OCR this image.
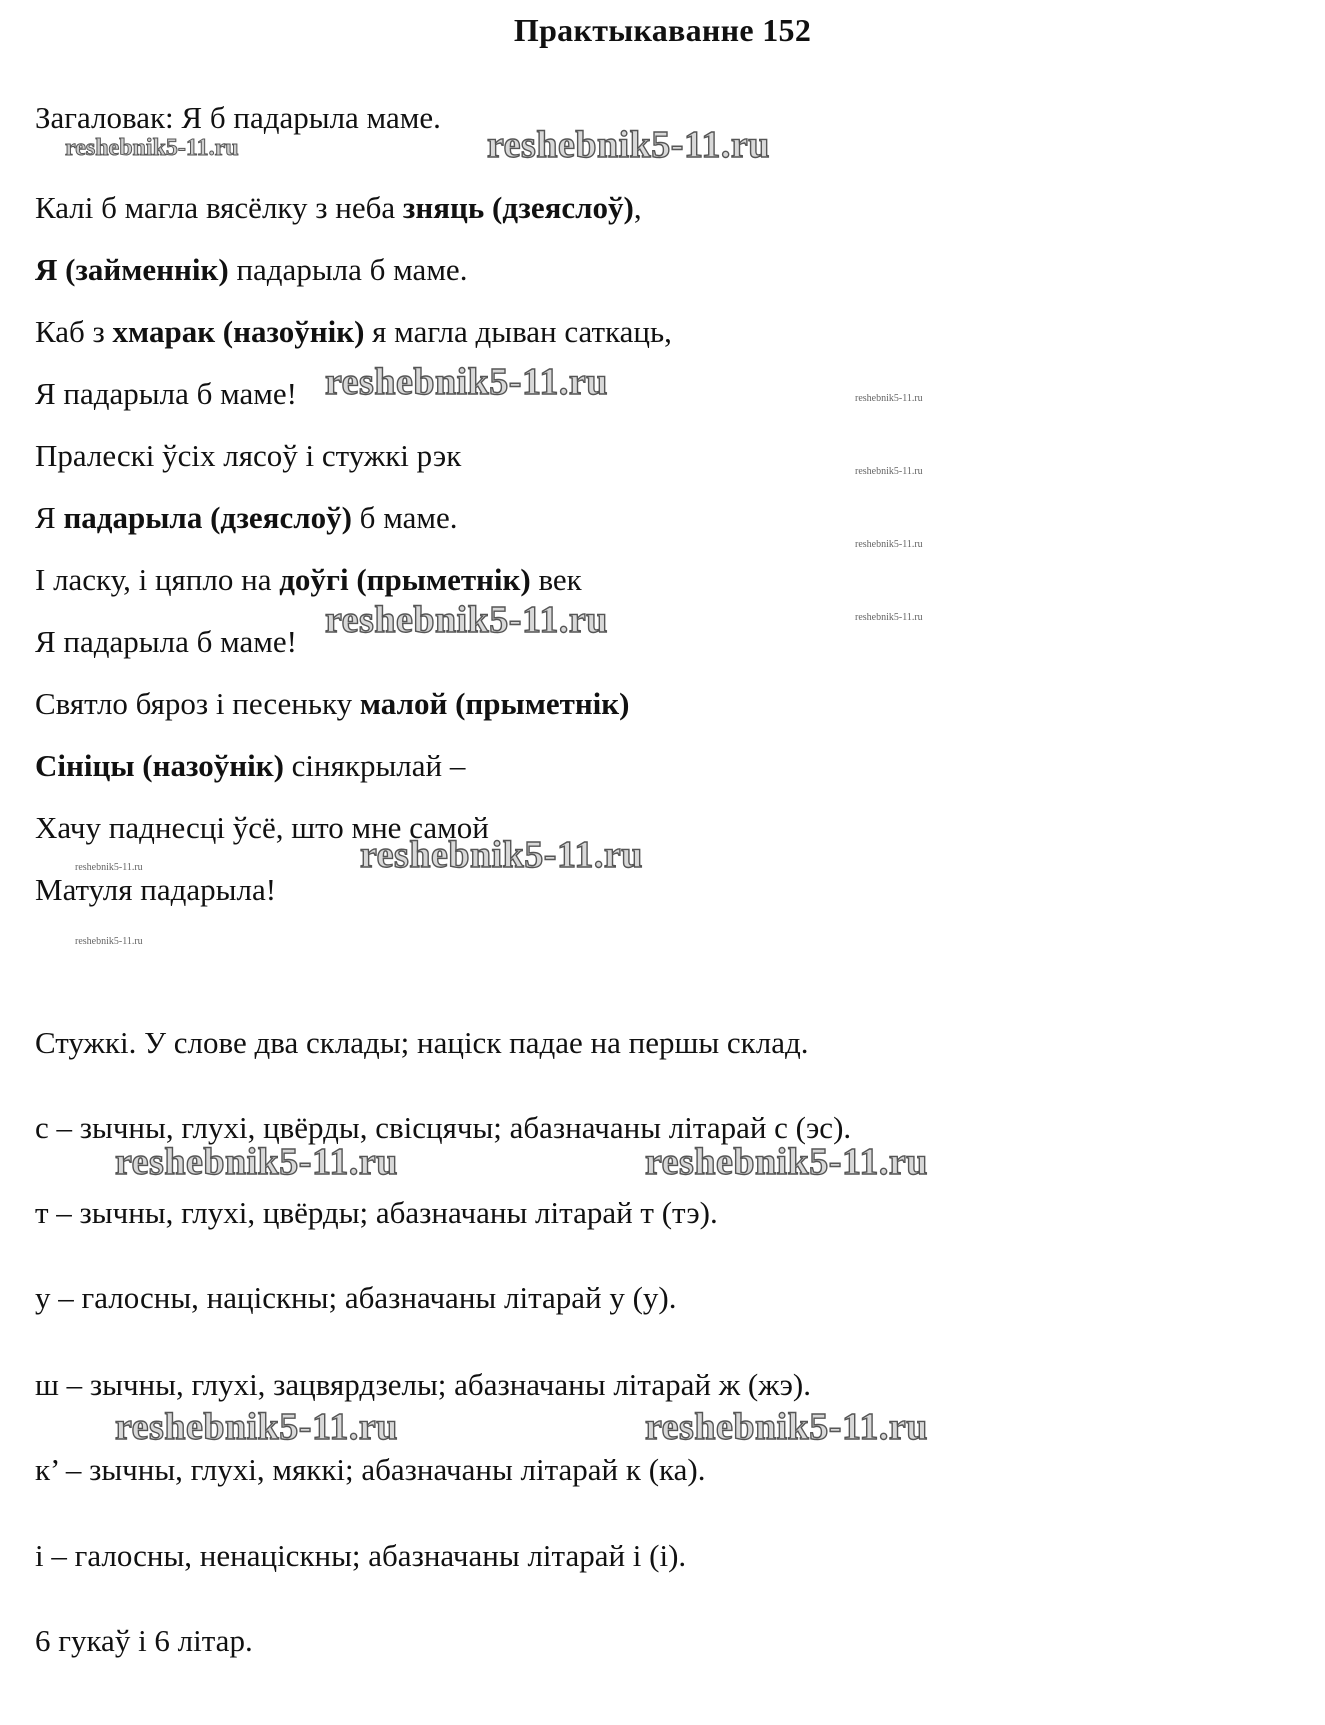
Практыкаванне 152
Загаловак: Я б падарыла маме.
Калі б магла вясёлку з неба зняць (дзеяслоў),
Я (займеннік) падарыла б маме.
Каб з хмарак (назоўнік) я магла дыван саткаць,
Я падарыла б маме!
Пралескі ўсіх лясоў і стужкі рэк
Я падарыла (дзеяслоў) б маме.
І ласку, і цяпло на доўгі (прыметнік) век
Я падарыла б маме!
Святло бяроз і песеньку малой (прыметнік)
Сініцы (назоўнік) сінякрылай –
Хачу паднесці ўсё, што мне самой
Матуля падарыла!
Стужкі. У слове два склады; націск падае на першы склад.
с – зычны, глухі, цвёрды, свісцячы; абазначаны літарай с (эс).
т – зычны, глухі, цвёрды; абазначаны літарай т (тэ).
у – галосны, націскны; абазначаны літарай у (у).
ш – зычны, глухі, зацвярдзелы; абазначаны літарай ж (жэ).
к’ – зычны, глухі, мяккі; абазначаны літарай к (ка).
і – галосны, ненаціскны; абазначаны літарай і (і).
6 гукаў і 6 літар.
reshebnik5-11.ru	reshebnik5-11.ru
reshebnik5-11.ru
reshebnik5-11.ru
reshebnik5-11.ru
reshebnik5-11.ru	reshebnik5-11.ru
reshebnik5-11.ru	reshebnik5-11.ru
reshebnik5-11.ru
reshebnik5-11.ru
reshebnik5-11.ru
reshebnik5-11.ru
reshebnik5-11.ru
reshebnik5-11.ru
